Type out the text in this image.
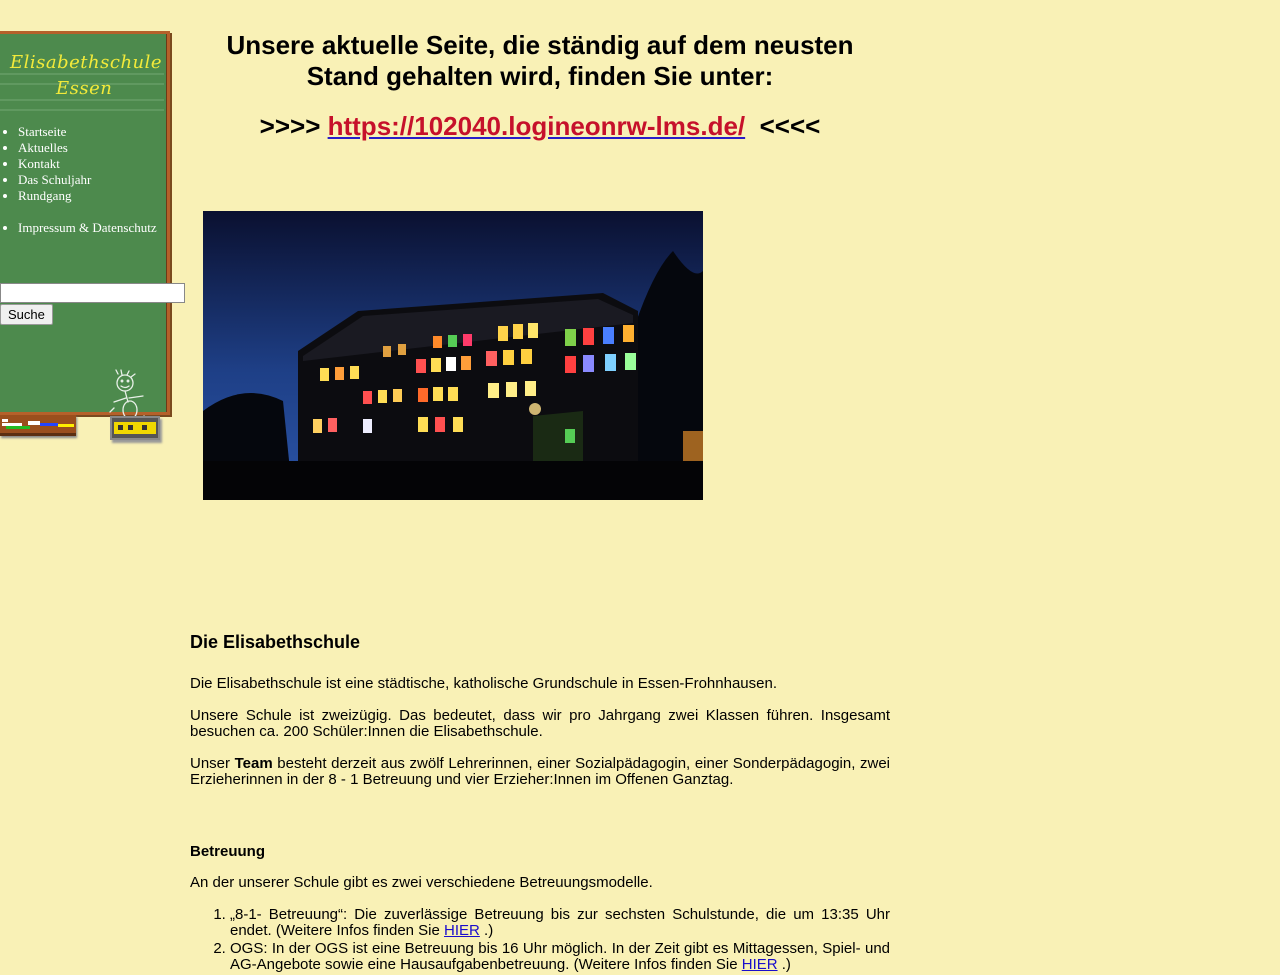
Elisabethschule
Essen
• Startseite
• Aktuelles
• Kontakt
• Das Schuljahr
• Rundgang
• Impressum & Datenschutz
Suche
Unsere aktuelle Seite, die ständig auf dem neusten
Stand gehalten wird, finden Sie unter:
>>>> https://102040.logineonrw-lms.de/  <<<<
Die Elisabethschule

Die Elisabethschule ist eine städtische, katholische Grundschule in Essen-Frohnhausen.

Unsere Schule ist zweizügig. Das bedeutet, dass wir pro Jahrgang zwei Klassen führen. Insgesamt besuchen ca. 200 Schüler:Innen die Elisabethschule.

Unser Team besteht derzeit aus zwölf Lehrerinnen, einer Sozialpädagogin, einer Sonderpädagogin, zwei Erzieherinnen in der 8 - 1 Betreuung und vier Erzieher:Innen im Offenen Ganztag.

Betreuung

An der unserer Schule gibt es zwei verschiedene Betreuungsmodelle.

1. „8-1- Betreuung“: Die zuverlässige Betreuung bis zur sechsten Schulstunde, die um 13:35 Uhr endet. (Weitere Infos finden Sie HIER .)
2. OGS: In der OGS ist eine Betreuung bis 16 Uhr möglich. In der Zeit gibt es Mittagessen, Spiel- und AG-Angebote sowie eine Hausaufgabenbetreuung. (Weitere Infos finden Sie HIER .)
